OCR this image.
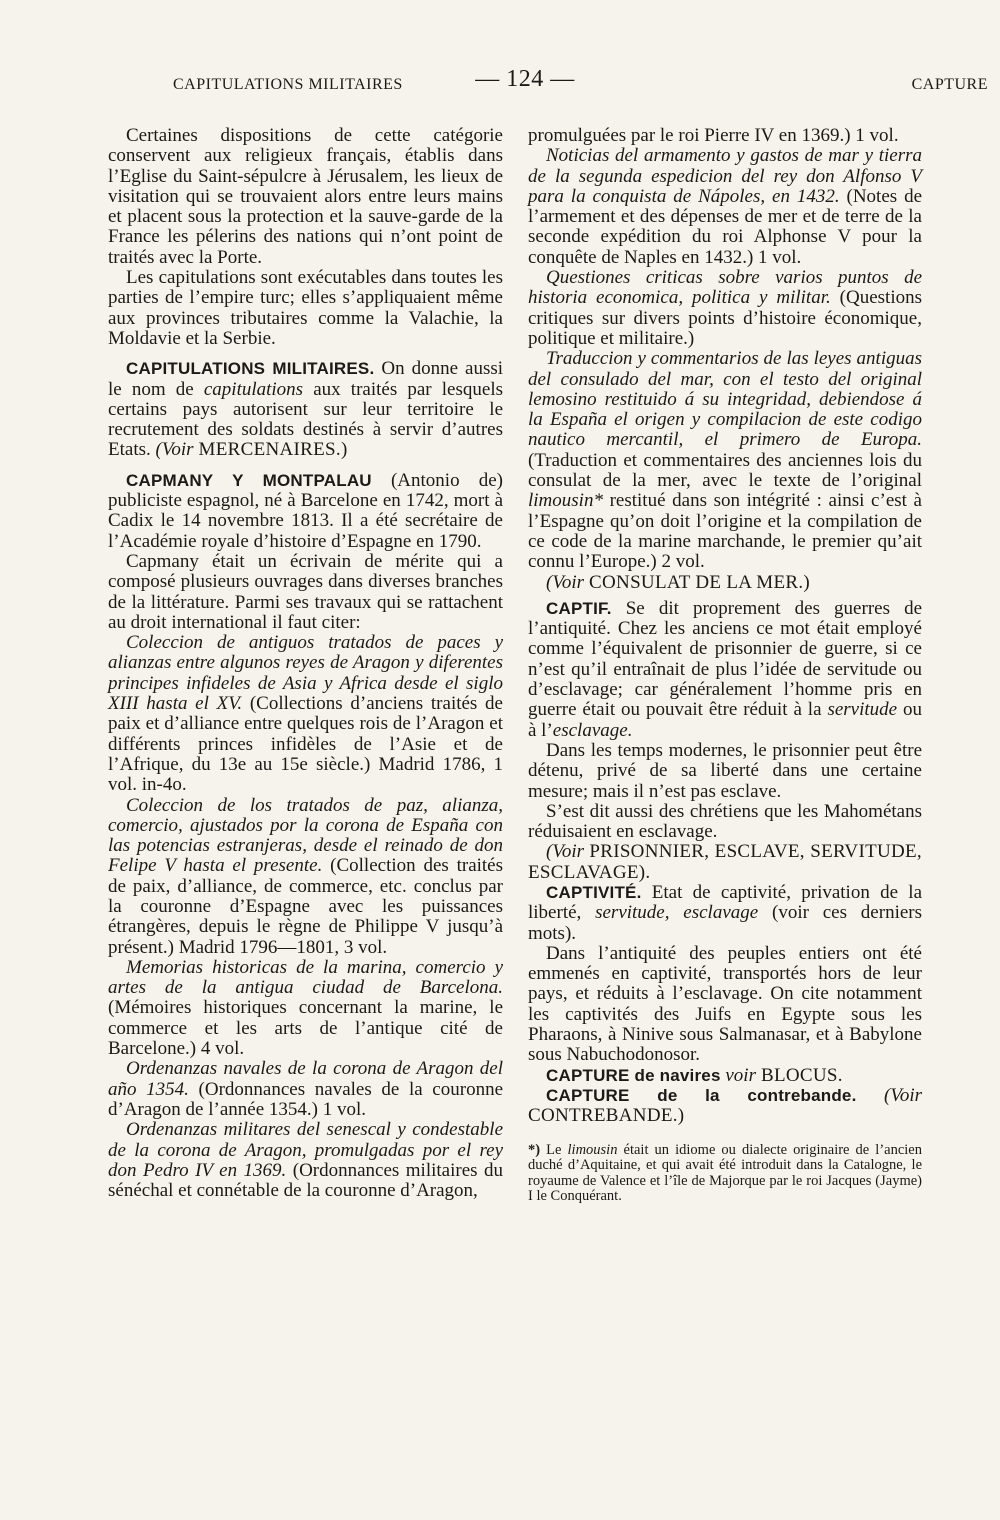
CAPITULATIONS MILITAIRES	— 124 —	CAPTURE

Certaines dispositions de cette catégorie conservent aux religieux français, établis dans l’Eglise du Saint-sépulcre à Jérusalem, les lieux de visitation qui se trouvaient alors entre leurs mains et placent sous la protection et la sauve-garde de la France les pélerins des nations qui n’ont point de traités avec la Porte.

Les capitulations sont exécutables dans toutes les parties de l’empire turc; elles s’appliquaient même aux provinces tributaires comme la Valachie, la Moldavie et la Serbie.

CAPITULATIONS MILITAIRES. On donne aussi le nom de capitulations aux traités par lesquels certains pays autorisent sur leur territoire le recrutement des soldats destinés à servir d’autres Etats. (Voir MERCENAIRES.)

CAPMANY Y MONTPALAU (Antonio de) publiciste espagnol, né à Barcelone en 1742, mort à Cadix le 14 novembre 1813. Il a été secrétaire de l’Académie royale d’histoire d’Espagne en 1790.

Capmany était un écrivain de mérite qui a composé plusieurs ouvrages dans diverses branches de la littérature. Parmi ses travaux qui se rattachent au droit international il faut citer:

Coleccion de antiguos tratados de paces y alianzas entre algunos reyes de Aragon y diferentes principes infideles de Asia y Africa desde el siglo XIII hasta el XV. (Collections d’anciens traités de paix et d’alliance entre quelques rois de l’Aragon et différents princes infidèles de l’Asie et de l’Afrique, du 13e au 15e siècle.) Madrid 1786, 1 vol. in-4o.

Coleccion de los tratados de paz, alianza, comercio, ajustados por la corona de España con las potencias estranjeras, desde el reinado de don Felipe V hasta el presente. (Collection des traités de paix, d’alliance, de commerce, etc. conclus par la couronne d’Espagne avec les puissances étrangères, depuis le règne de Philippe V jusqu’à présent.) Madrid 1796—1801, 3 vol.

Memorias historicas de la marina, comercio y artes de la antigua ciudad de Barcelona. (Mémoires historiques concernant la marine, le commerce et les arts de l’antique cité de Barcelone.) 4 vol.

Ordenanzas navales de la corona de Aragon del año 1354. (Ordonnances navales de la couronne d’Aragon de l’année 1354.) 1 vol.

Ordenanzas militares del senescal y condestable de la corona de Aragon, promulgadas por el rey don Pedro IV en 1369. (Ordonnances militaires du sénéchal et connétable de la couronne d’Aragon,

promulguées par le roi Pierre IV en 1369.) 1 vol.

Noticias del armamento y gastos de mar y tierra de la segunda espedicion del rey don Alfonso V para la conquista de Nápoles, en 1432. (Notes de l’armement et des dépenses de mer et de terre de la seconde expédition du roi Alphonse V pour la conquête de Naples en 1432.) 1 vol.

Questiones criticas sobre varios puntos de historia economica, politica y militar. (Questions critiques sur divers points d’histoire économique, politique et militaire.)

Traduccion y commentarios de las leyes antiguas del consulado del mar, con el testo del original lemosino restituido á su integridad, debiendose á la España el origen y compilacion de este codigo nautico mercantil, el primero de Europa. (Traduction et commentaires des anciennes lois du consulat de la mer, avec le texte de l’original limousin* restitué dans son intégrité : ainsi c’est à l’Espagne qu’on doit l’origine et la compilation de ce code de la marine marchande, le premier qu’ait connu l’Europe.) 2 vol.

(Voir CONSULAT DE LA MER.)

CAPTIF. Se dit proprement des guerres de l’antiquité. Chez les anciens ce mot était employé comme l’équivalent de prisonnier de guerre, si ce n’est qu’il entraînait de plus l’idée de servitude ou d’esclavage; car généralement l’homme pris en guerre était ou pouvait être réduit à la servitude ou à l’esclavage.

Dans les temps modernes, le prisonnier peut être détenu, privé de sa liberté dans une certaine mesure; mais il n’est pas esclave.

S’est dit aussi des chrétiens que les Mahométans réduisaient en esclavage.

(Voir PRISONNIER, ESCLAVE, SERVITUDE, ESCLAVAGE).

CAPTIVITÉ. Etat de captivité, privation de la liberté, servitude, esclavage (voir ces derniers mots).

Dans l’antiquité des peuples entiers ont été emmenés en captivité, transportés hors de leur pays, et réduits à l’esclavage. On cite notamment les captivités des Juifs en Egypte sous les Pharaons, à Ninive sous Salmanasar, et à Babylone sous Nabuchodonosor.

CAPTURE de navires voir BLOCUS.

CAPTURE de la contrebande. (Voir CONTREBANDE.)

*) Le limousin était un idiome ou dialecte originaire de l’ancien duché d’Aquitaine, et qui avait été introduit dans la Catalogne, le royaume de Valence et l’île de Majorque par le roi Jacques (Jayme) I le Conquérant.
